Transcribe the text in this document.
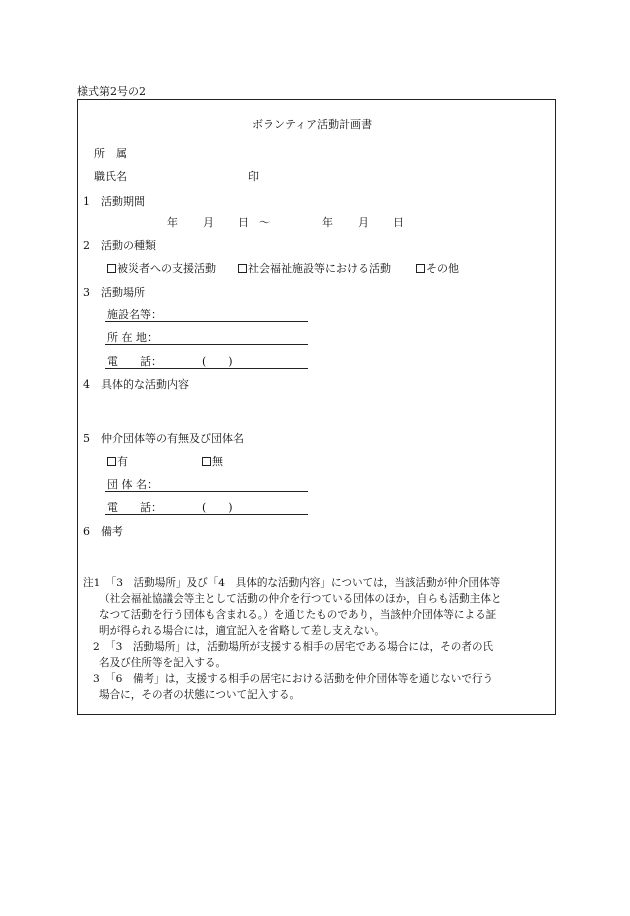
様式第2号の2
ボランティア活動計画書
所　属
職氏名	印
1　活動期間
年 月 日 〜	年 月 日
2　活動の種類
被災者への支援活動	社会福祉施設等における活動	その他
3　活動場所
施設名等：
所 在 地：
電　　話：	(　　)
4　具体的な活動内容
5　仲介団体等の有無及び団体名
有	無
団 体 名：
電　　話：	(　　)
6　備考
注1　「3　活動場所」及び「4　具体的な活動内容」については，当該活動が仲介団体等
（社会福祉協議会等主として活動の仲介を行つている団体のほか，自らも活動主体と
なつて活動を行う団体も含まれる。）を通じたものであり，当該仲介団体等による証
明が得られる場合には，適宜記入を省略して差し支えない。
2　「3　活動場所」は，活動場所が支援する相手の居宅である場合には，その者の氏
名及び住所等を記入する。
3　「6　備考」は，支援する相手の居宅における活動を仲介団体等を通じないで行う
場合に，その者の状態について記入する。
